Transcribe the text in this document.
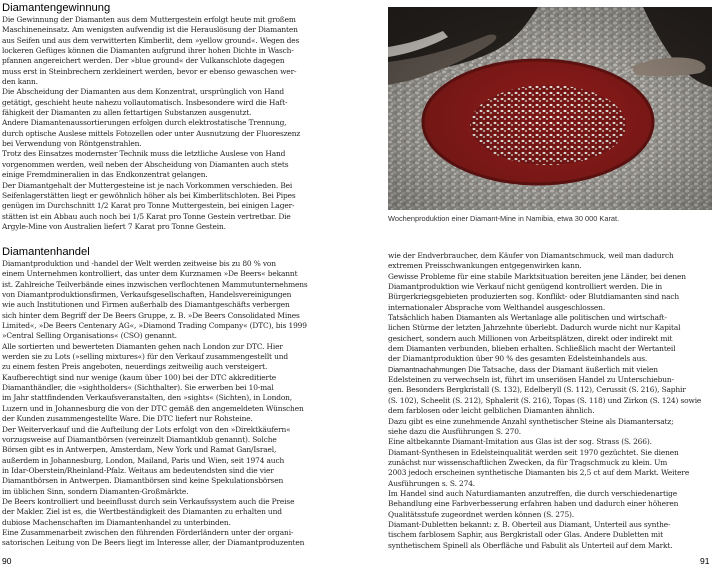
Diamantengewinnung
Die Gewinnung der Diamanten aus dem Muttergestein erfolgt heute mit großem
Maschineneinsatz. Am wenigsten aufwendig ist die Herauslösung der Diamanten
aus Seifen und aus dem verwitterten Kimberlit, dem »yellow ground«. Wegen des
lockeren Gefüges können die Diamanten aufgrund ihrer hohen Dichte in Wasch-
pfannen angereichert werden. Der »blue ground« der Vulkanschlote dagegen
muss erst in Steinbrechern zerkleinert werden, bevor er ebenso gewaschen wer-
den kann.
Die Abscheidung der Diamanten aus dem Konzentrat, ursprünglich von Hand
getätigt, geschieht heute nahezu vollautomatisch. Insbesondere wird die Haft-
fähigkeit der Diamanten zu allen fettartigen Substanzen ausgenutzt.
Andere Diamantenaussortierungen erfolgen durch elektrostatische Trennung,
durch optische Auslese mittels Fotozellen oder unter Ausnutzung der Fluoreszenz
bei Verwendung von Röntgenstrahlen.
Trotz des Einsatzes modernster Technik muss die letztliche Auslese von Hand
vorgenommen werden, weil neben der Abscheidung von Diamanten auch stets
einige Fremdmineralien in das Endkonzentrat gelangen.
Der Diamantgehalt der Muttergesteine ist je nach Vorkommen verschieden. Bei
Seifenlagerstätten liegt er gewöhnlich höher als bei Kimberlitschloten. Bei Pipes
genügen im Durchschnitt 1/2 Karat pro Tonne Muttergestein, bei einigen Lager-
stätten ist ein Abbau auch noch bei 1/5 Karat pro Tonne Gestein vertretbar. Die
Argyle-Mine von Australien liefert 7 Karat pro Tonne Gestein.
Diamantenhandel
Diamantproduktion und -handel der Welt werden zeitweise bis zu 80 % von
einem Unternehmen kontrolliert, das unter dem Kurznamen »De Beers« bekannt
ist. Zahlreiche Teilverbände eines inzwischen verflochtenen Mammutunternehmens
von Diamantproduktionsfirmen, Verkaufsgesellschaften, Handelsvereinigungen
wie auch Institutionen und Firmen außerhalb des Diamantgeschäfts verbergen
sich hinter dem Begriff der De Beers Gruppe, z. B. »De Beers Consolidated Mines
Limited«, »De Beers Centenary AG«, »Diamond Trading Company« (DTC), bis 1999
»Central Selling Organisations« (CSO) genannt.
Alle sortierten und bewerteten Diamanten gehen nach London zur DTC. Hier
werden sie zu Lots (»selling mixtures«) für den Verkauf zusammengestellt und
zu einem festen Preis angeboten, neuerdings zeitweilig auch versteigert.
Kaufberechtigt sind nur wenige (kaum über 100) bei der DTC akkreditierte
Diamanthändler, die »sightholders« (Sichthalter). Sie erwerben bei 10-mal
im Jahr stattfindenden Verkaufsveranstalten, den »sights« (Sichten), in London,
Luzern und in Johannesburg die von der DTC gemäß den angemeldeten Wünschen
der Kunden zusammengestellte Ware. Die DTC liefert nur Rohsteine.
Der Weiterverkauf und die Aufteilung der Lots erfolgt von den »Direktkäufern«
vorzugsweise auf Diamantbörsen (vereinzelt Diamantklub genannt). Solche
Börsen gibt es in Antwerpen, Amsterdam, New York und Ramat Gan/Israel,
außerdem in Johannesburg, London, Mailand, Paris und Wien, seit 1974 auch
in Idar-Oberstein/Rheinland-Pfalz. Weitaus am bedeutendsten sind die vier
Diamantbörsen in Antwerpen. Diamantbörsen sind keine Spekulationsbörsen
im üblichen Sinn, sondern Diamanten-Großmärkte.
De Beers kontrolliert und beeinflusst durch sein Verkaufssystem auch die Preise
der Makler. Ziel ist es, die Wertbeständigkeit des Diamanten zu erhalten und
dubiose Machenschaften im Diamantenhandel zu unterbinden.
Eine Zusammenarbeit zwischen den führenden Förderländern unter der organi-
satorischen Leitung von De Beers liegt im Interesse aller, der Diamantproduzenten
Wochenproduktion einer Diamant-Mine in Namibia, etwa 30 000 Karat.
wie der Endverbraucher, dem Käufer von Diamantschmuck, weil man dadurch
extremen Preisschwankungen entgegenwirken kann.
Gewisse Probleme für eine stabile Marktsituation bereiten jene Länder, bei denen
Diamantproduktion wie Verkauf nicht genügend kontrolliert werden. Die in
Bürgerkriegsgebieten produzierten sog. Konflikt- oder Blutdiamanten sind nach
internationaler Absprache vom Welthandel ausgeschlossen.
Tatsächlich haben Diamanten als Wertanlage alle politischen und wirtschaft-
lichen Stürme der letzten Jahrzehnte überlebt. Dadurch wurde nicht nur Kapital
gesichert, sondern auch Millionen von Arbeitsplätzen, direkt oder indirekt mit
dem Diamanten verbunden, blieben erhalten. Schließlich macht der Wertanteil
der Diamantproduktion über 90 % des gesamten Edelsteinhandels aus.
Diamantnachahmungen Die Tatsache, dass der Diamant äußerlich mit vielen
Edelsteinen zu verwechseln ist, führt im unseriösen Handel zu Unterschiebun-
gen. Besonders Bergkristall (S. 132), Edelberyll (S. 112), Cerussit (S. 216), Saphir
(S. 102), Scheelit (S. 212), Sphalerit (S. 216), Topas (S. 118) und Zirkon (S. 124) sowie
dem farblosen oder leicht gelblichen Diamanten ähnlich.
Dazu gibt es eine zunehmende Anzahl synthetischer Steine als Diamantersatz;
siehe dazu die Ausführungen S. 270.
Eine altbekannte Diamant-Imitation aus Glas ist der sog. Strass (S. 266).
Diamant-Synthesen in Edelsteinqualität werden seit 1970 gezüchtet. Sie dienen
zunächst nur wissenschaftlichen Zwecken, da für Tragschmuck zu klein. Um
2003 jedoch erscheinen synthetische Diamanten bis 2,5 ct auf dem Markt. Weitere
Ausführungen s. S. 274.
Im Handel sind auch Naturdiamanten anzutreffen, die durch verschiedenartige
Behandlung eine Farbverbesserung erfahren haben und dadurch einer höheren
Qualitätsstufe zugeordnet werden können (S. 275).
Diamant-Dubletten bekannt: z. B. Oberteil aus Diamant, Unterteil aus synthe-
tischem farblosem Saphir, aus Bergkristall oder Glas. Andere Dubletten mit
synthetischem Spinell als Oberfläche und Fabulit als Unterteil auf dem Markt.
90	91
